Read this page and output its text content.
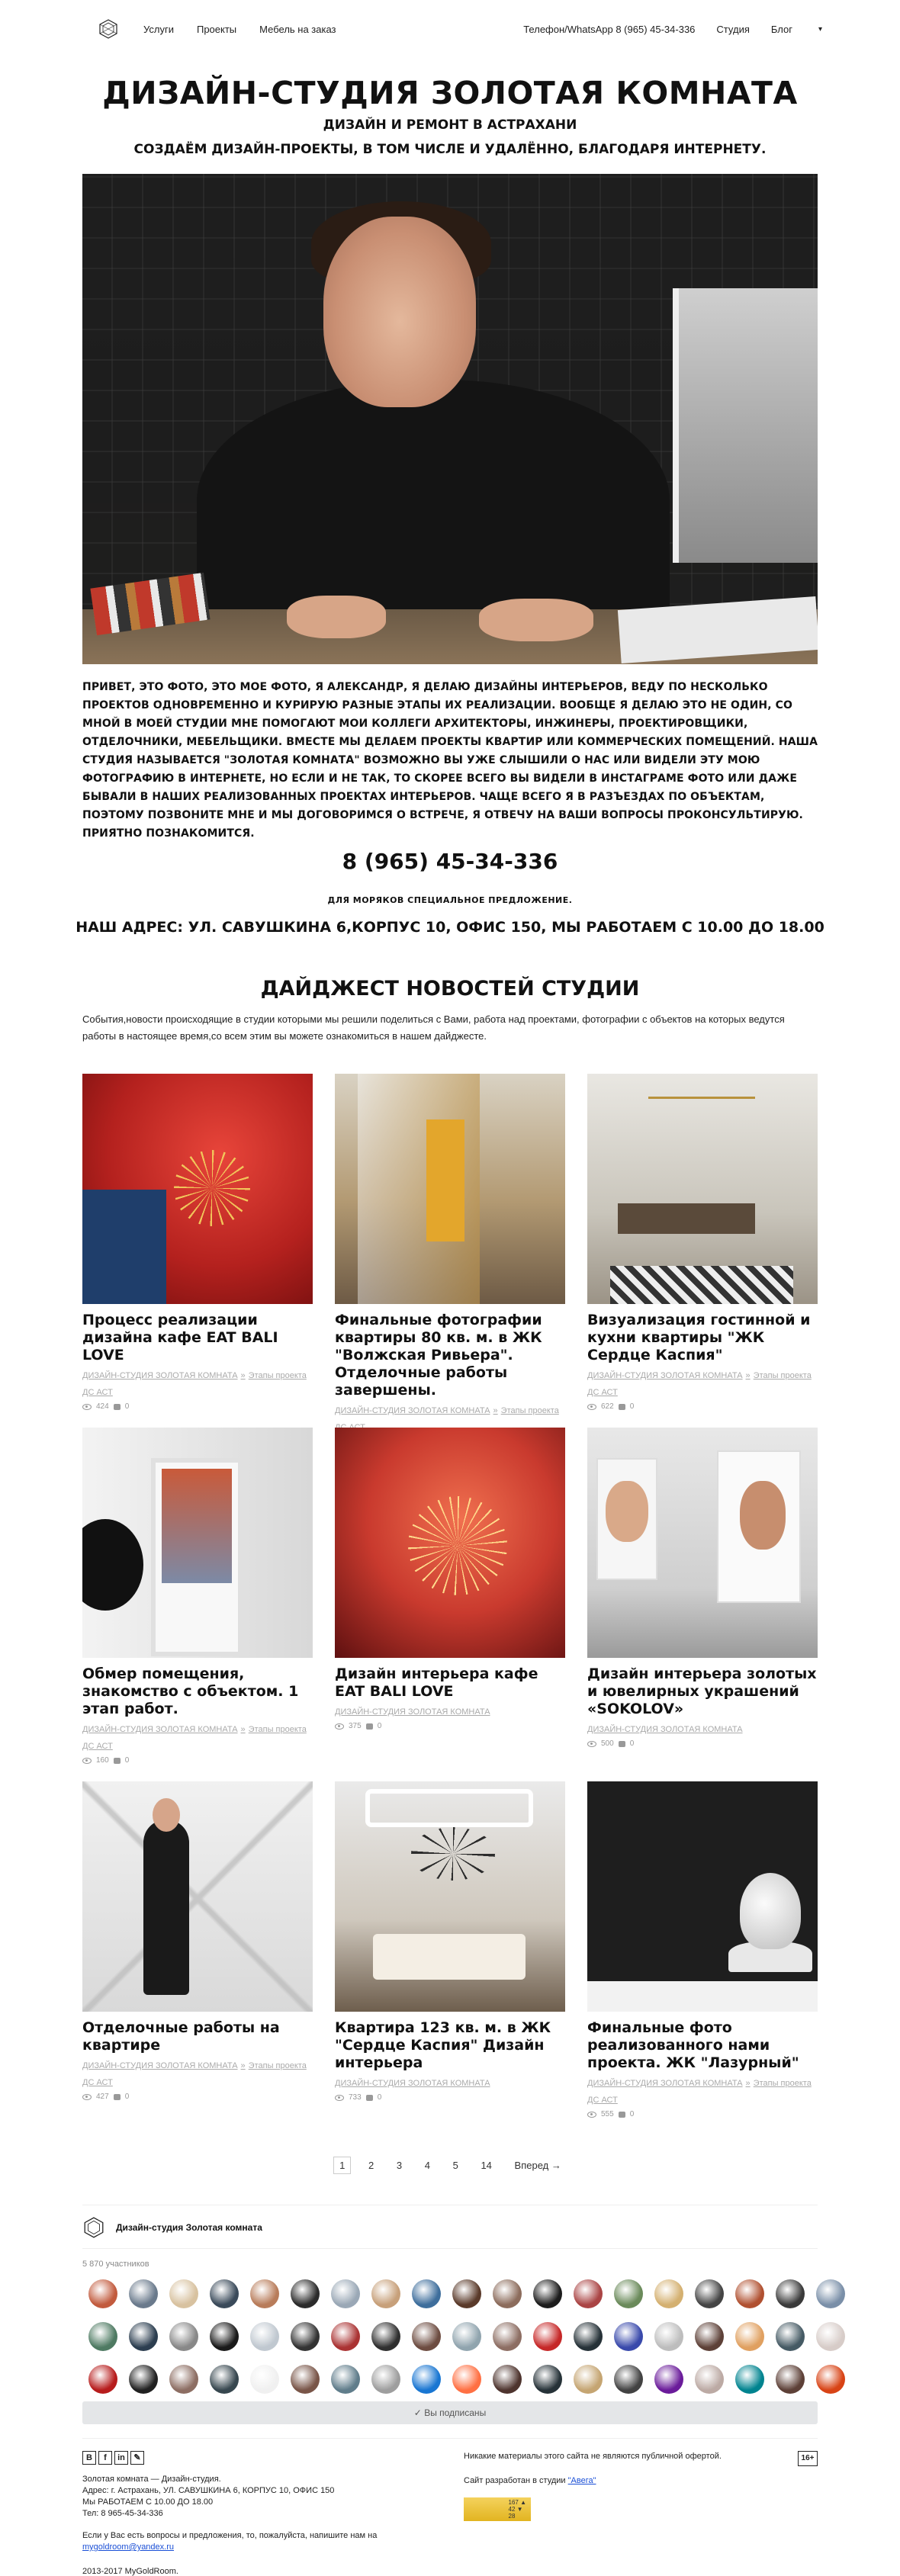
Услуги Проекты Мебель на заказ	Телефон/WhatsApp 8 (965) 45-34-336 Студия Блог	▾
ДИЗАЙН-СТУДИЯ ЗОЛОТАЯ КОМНАТА
ДИЗАЙН И РЕМОНТ В АСТРАХАНИ
СОЗДАЁМ ДИЗАЙН-ПРОЕКТЫ, В ТОМ ЧИСЛЕ И УДАЛЁННО, БЛАГОДАРЯ ИНТЕРНЕТУ.
ПРИВЕТ, ЭТО ФОТО, ЭТО МОЕ ФОТО, Я АЛЕКСАНДР, Я ДЕЛАЮ ДИЗАЙНЫ ИНТЕРЬЕРОВ, ВЕДУ ПО НЕСКОЛЬКО ПРОЕКТОВ ОДНОВРЕМЕННО И КУРИРУЮ РАЗНЫЕ ЭТАПЫ ИХ РЕАЛИЗАЦИИ. ВООБЩЕ Я ДЕЛАЮ ЭТО НЕ ОДИН, СО МНОЙ В МОЕЙ СТУДИИ МНЕ ПОМОГАЮТ МОИ КОЛЛЕГИ АРХИТЕКТОРЫ, ИНЖИНЕРЫ, ПРОЕКТИРОВЩИКИ, ОТДЕЛОЧНИКИ, МЕБЕЛЬЩИКИ. ВМЕСТЕ МЫ ДЕЛАЕМ ПРОЕКТЫ КВАРТИР ИЛИ КОММЕРЧЕСКИХ ПОМЕЩЕНИЙ. НАША СТУДИЯ НАЗЫВАЕТСЯ "ЗОЛОТАЯ КОМНАТА" ВОЗМОЖНО ВЫ УЖЕ СЛЫШИЛИ О НАС ИЛИ ВИДЕЛИ ЭТУ МОЮ ФОТОГРАФИЮ В ИНТЕРНЕТЕ, НО ЕСЛИ И НЕ ТАК, ТО СКОРЕЕ ВСЕГО ВЫ ВИДЕЛИ В ИНСТАГРАМЕ ФОТО ИЛИ ДАЖЕ БЫВАЛИ В НАШИХ РЕАЛИЗОВАННЫХ ПРОЕКТАХ ИНТЕРЬЕРОВ. ЧАЩЕ ВСЕГО Я В РАЗЪЕЗДАХ ПО ОБЪЕКТАМ, ПОЭТОМУ ПОЗВОНИТЕ МНЕ И МЫ ДОГОВОРИМСЯ О ВСТРЕЧЕ, Я ОТВЕЧУ НА ВАШИ ВОПРОСЫ ПРОКОНСУЛЬТИРУЮ. ПРИЯТНО ПОЗНАКОМИТСЯ.
8 (965) 45-34-336
ДЛЯ МОРЯКОВ СПЕЦИАЛЬНОЕ ПРЕДЛОЖЕНИЕ.
НАШ АДРЕС: УЛ. САВУШКИНА 6,КОРПУС 10, ОФИС 150, МЫ РАБОТАЕМ С 10.00 ДО 18.00
ДАЙДЖЕСТ НОВОСТЕЙ СТУДИИ
События,новости происходящие в студии которыми мы решили поделиться с Вами, работа над проектами, фотографии с объектов на которых ведутся работы в настоящее время,со всем этим вы можете ознакомиться в нашем дайджесте.
Процесс реализации дизайна кафе EAT BALI LOVE
ДИЗАЙН-СТУДИЯ ЗОЛОТАЯ КОМНАТА » Этапы проекта ДС АСТ
424 0
Финальные фотографии квартиры 80 кв. м. в ЖК "Волжская Ривьера". Отделочные работы завершены.
ДИЗАЙН-СТУДИЯ ЗОЛОТАЯ КОМНАТА » Этапы проекта
Визуализация гостинной и кухни квартиры "ЖК Сердце Каспия"
ДИЗАЙН-СТУДИЯ ЗОЛОТАЯ КОМНАТА » Этапы проекта ДС АСТ
622 0
Обмер помещения, знакомство с объектом. 1 этап работ.
ДИЗАЙН-СТУДИЯ ЗОЛОТАЯ КОМНАТА » Этапы проекта ДС АСТ
160 0
Дизайн интерьера кафе EAT BALI LOVE
ДИЗАЙН-СТУДИЯ ЗОЛОТАЯ КОМНАТА
375 0
Дизайн интерьера золотых и ювелирных украшений «SOKOLOV»
ДИЗАЙН-СТУДИЯ ЗОЛОТАЯ КОМНАТА
500 0
Отделочные работы на квартире
ДИЗАЙН-СТУДИЯ ЗОЛОТАЯ КОМНАТА » Этапы проекта ДС АСТ
427 0
Квартира 123 кв. м. в ЖК "Сердце Каспия" Дизайн интерьера
ДИЗАЙН-СТУДИЯ ЗОЛОТАЯ КОМНАТА
733 0
Финальные фото реализованного нами проекта. ЖК "Лазурный"
ДИЗАЙН-СТУДИЯ ЗОЛОТАЯ КОМНАТА » Этапы проекта ДС АСТ
555 0
1 2 3 4 5 14 Вперед →
Дизайн-студия Золотая комната
5 870 участников
✓ Вы подписаны
В	f	in	✎
Золотая комната — Дизайн-студия.
Адрес: г. Астрахань, УЛ. САВУШКИНА 6, КОРПУС 10, ОФИС 150
Мы РАБОТАЕМ С 10.00 ДО 18.00
Тел: 8 965-45-34-336
Если у Вас есть вопросы и предложения, то, пожалуйста, напишите нам на
mygoldroom@yandex.ru
Никакие материалы этого сайта не являются публичной офертой.	16+
Сайт разработан в студии "Авега"
167 ▲
42 ▼
28
2013-2017 MyGoldRoom.
